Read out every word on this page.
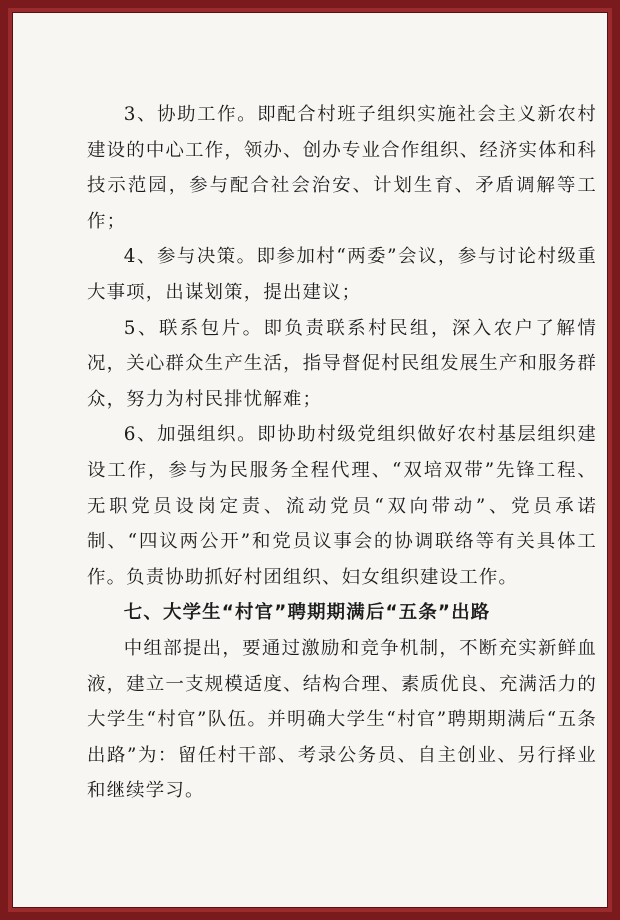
3、协助工作。即配合村班子组织实施社会主义新农村建设的中心工作，领办、创办专业合作组织、经济实体和科技示范园，参与配合社会治安、计划生育、矛盾调解等工作；

4、参与决策。即参加村“两委”会议，参与讨论村级重大事项，出谋划策，提出建议；

5、联系包片。即负责联系村民组，深入农户了解情况，关心群众生产生活，指导督促村民组发展生产和服务群众，努力为村民排忧解难；

6、加强组织。即协助村级党组织做好农村基层组织建设工作，参与为民服务全程代理、“双培双带”先锋工程、无职党员设岗定责、流动党员“双向带动”、党员承诺制、“四议两公开”和党员议事会的协调联络等有关具体工作。负责协助抓好村团组织、妇女组织建设工作。

七、大学生“村官”聘期期满后“五条”出路

中组部提出，要通过激励和竞争机制，不断充实新鲜血液，建立一支规模适度、结构合理、素质优良、充满活力的大学生“村官”队伍。并明确大学生“村官”聘期期满后“五条出路”为：留任村干部、考录公务员、自主创业、另行择业和继续学习。
